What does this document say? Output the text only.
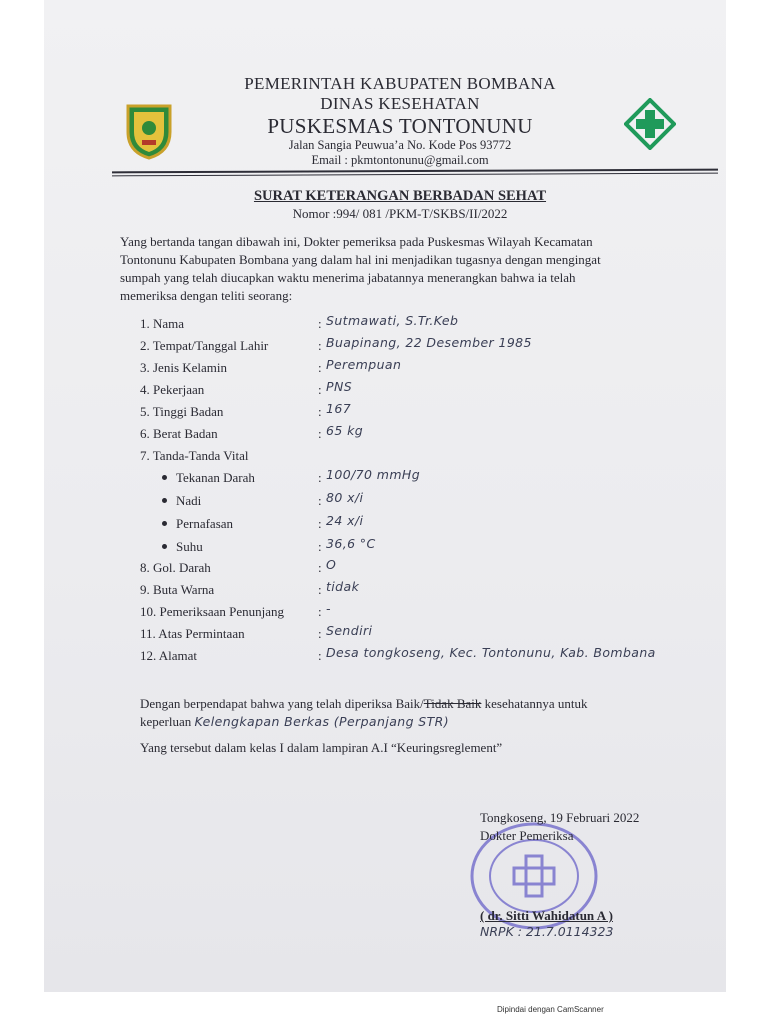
PEMERINTAH KABUPATEN BOMBANA
DINAS KESEHATAN
PUSKESMAS TONTONUNU
Jalan Sangia Peuwua’a No. Kode Pos 93772
Email : pkmtontonunu@gmail.com
SURAT KETERANGAN BERBADAN SEHAT
Nomor :994/ 081 /PKM-T/SKBS/II/2022
Yang bertanda tangan dibawah ini, Dokter pemeriksa pada Puskesmas Wilayah Kecamatan
Tontonunu Kabupaten Bombana yang dalam hal ini menjadikan tugasnya dengan mengingat
sumpah yang telah diucapkan waktu menerima jabatannya menerangkan bahwa ia telah
memeriksa dengan teliti seorang:
1. Nama	: Sutmawati, S.Tr.Keb
2. Tempat/Tanggal Lahir	: Buapinang, 22 Desember 1985
3. Jenis Kelamin	: Perempuan
4. Pekerjaan	: PNS
5. Tinggi Badan	: 167
6. Berat Badan	: 65 kg
7. Tanda-Tanda Vital
Tekanan Darah	: 100/70 mmHg
Nadi	: 80 x/i
Pernafasan	: 24 x/i
Suhu	: 36,6 °C
8. Gol. Darah	: O
9. Buta Warna	: tidak
10. Pemeriksaan Penunjang	: -
11. Atas Permintaan	: Sendiri
12. Alamat	: Desa tongkoseng, Kec. Tontonunu, Kab. Bombana
Dengan berpendapat bahwa yang telah diperiksa Baik/Tidak Baik kesehatannya untuk
keperluan Kelengkapan Berkas (Perpanjang STR)
Yang tersebut dalam kelas I dalam lampiran A.I “Keuringsreglement”
Tongkoseng, 19 Februari 2022
Dokter Pemeriksa
( dr. Sitti Wahidatun A )
NRPK : 21.7.0114323
Dipindai dengan CamScanner
